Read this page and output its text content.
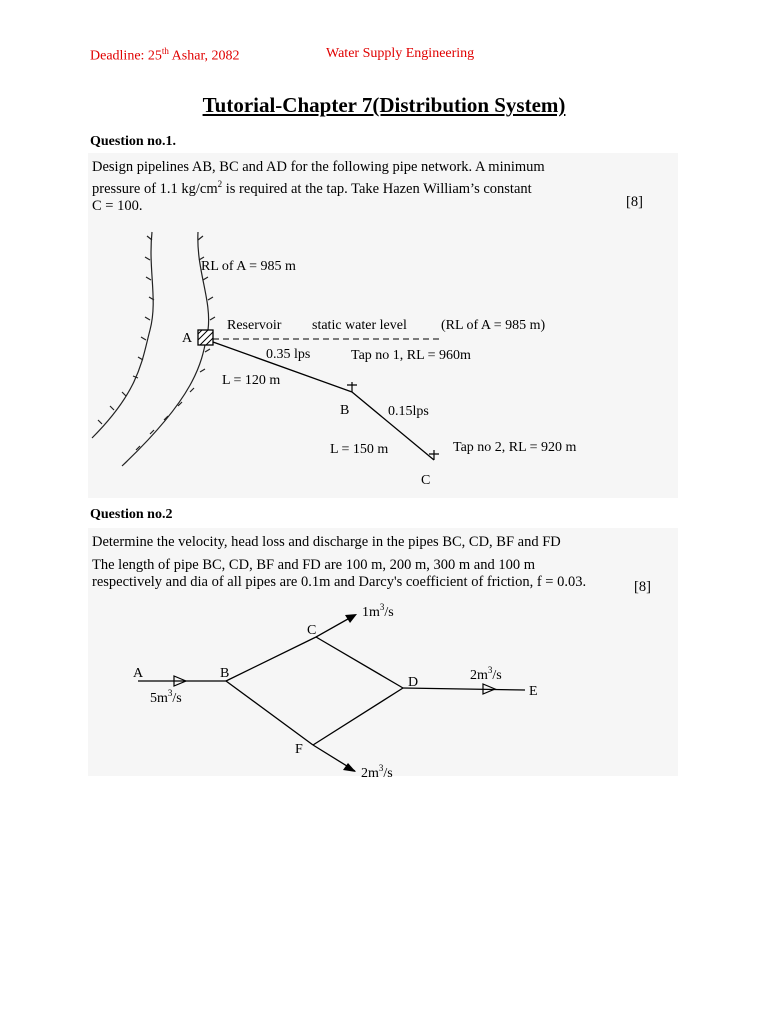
Deadline: 25th Ashar, 2082	Water Supply Engineering
Tutorial-Chapter 7(Distribution System)
Question no.1.
Design pipelines AB, BC and AD for the following pipe network. A minimum
pressure of 1.1 $kg/cm^2$ is required at the tap. Take Hazen William’s constant
C = 100.	[8]
RL of A = 985 m
A
Reservoir static water level (RL of A = 985 m)
0.35 lps	Tap no 1, RL = 960m
L = 120 m
B	0.15lps
L = 150 m	Tap no 2, RL = 920 m
C
Question no.2
Determine the velocity, head loss and discharge in the pipes BC, CD, BF and FD
The length of pipe BC, CD, BF and FD are 100 m, 200 m, 300 m and 100 m
respectively and dia of all pipes are 0.1m and Darcy's coefficient of friction, f = 0.03.	[8]
A	B
C
D
E
F
$5m^3/s$
$1m^3/s$
$2m^3/s$
$2m^3/s$
